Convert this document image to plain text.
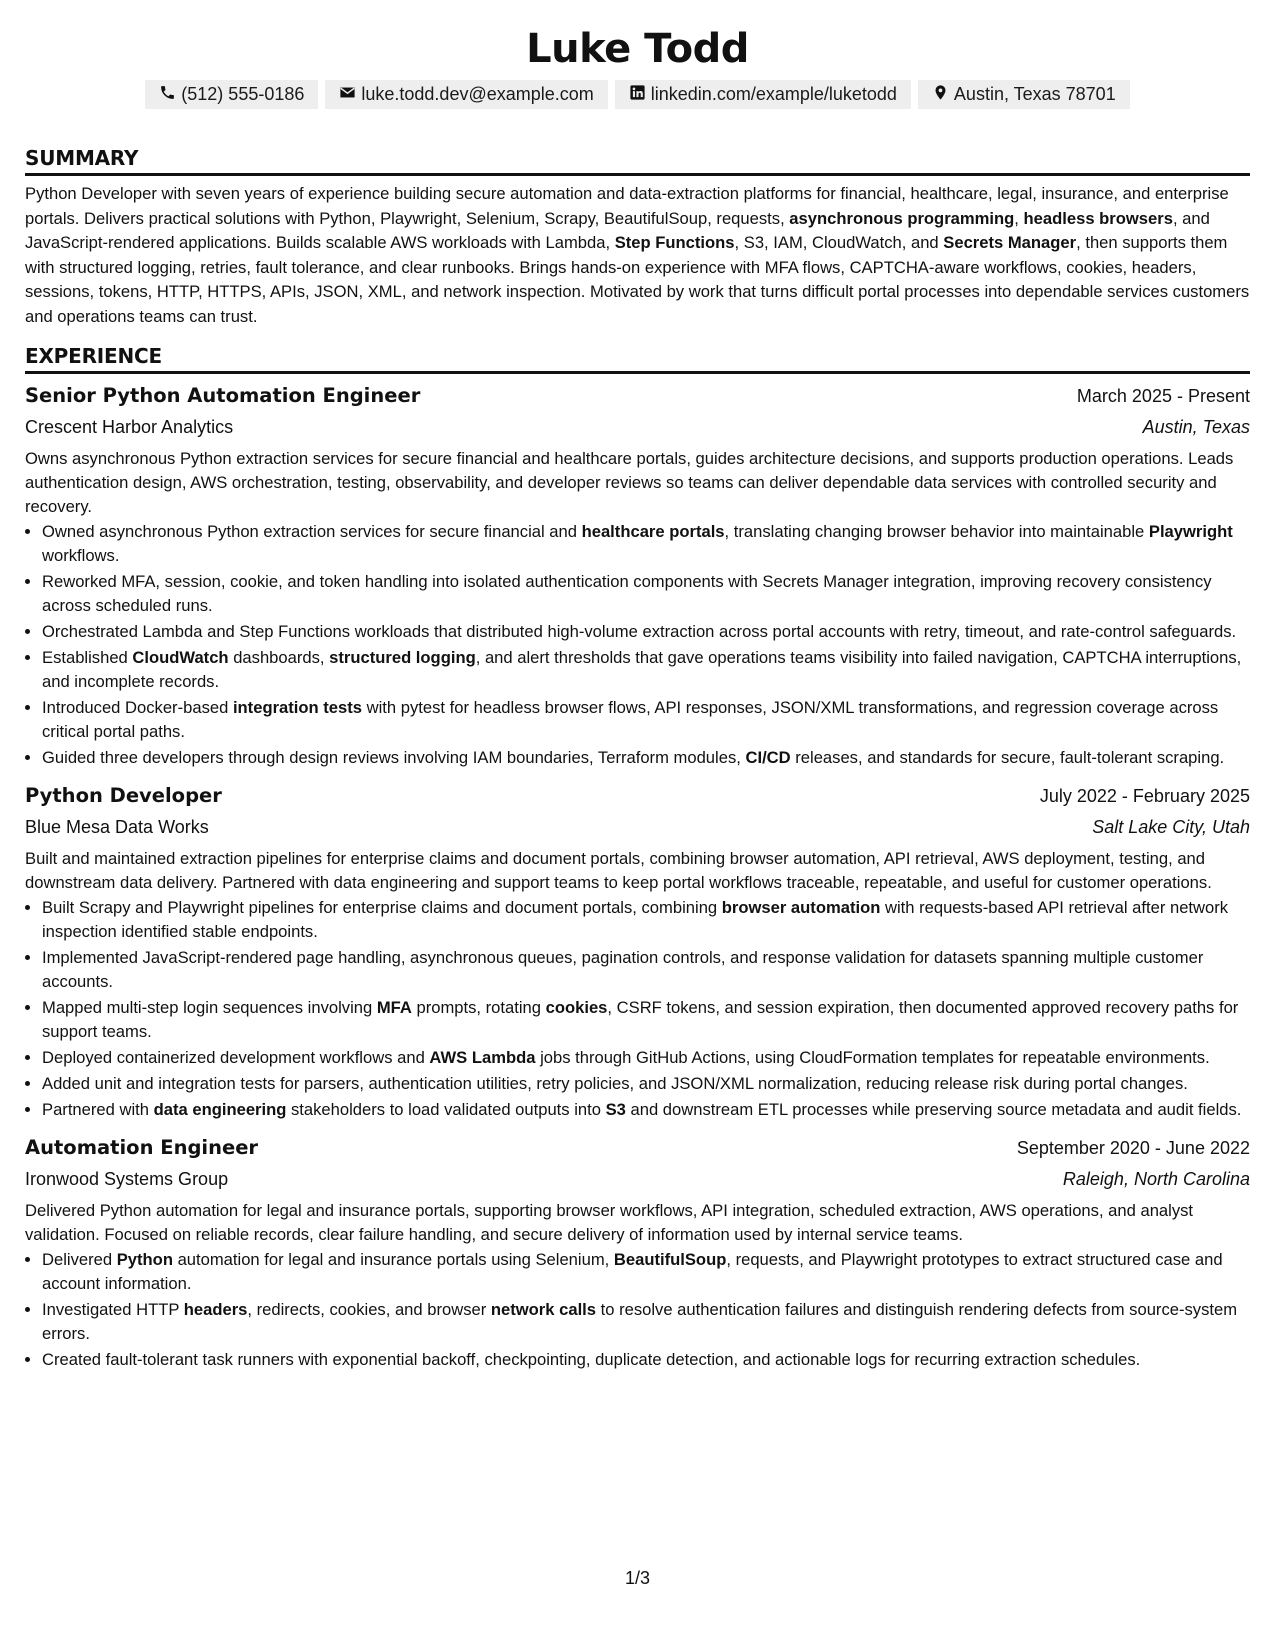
Luke Todd
(512) 555-0186	luke.todd.dev@example.com	linkedin.com/example/luketodd	Austin, Texas 78701
SUMMARY

Python Developer with seven years of experience building secure automation and data-extraction platforms for financial, healthcare, legal, insurance, and enterprise portals. Delivers practical solutions with Python, Playwright, Selenium, Scrapy, BeautifulSoup, requests, asynchronous programming, headless browsers, and JavaScript-rendered applications. Builds scalable AWS workloads with Lambda, Step Functions, S3, IAM, CloudWatch, and Secrets Manager, then supports them with structured logging, retries, fault tolerance, and clear runbooks. Brings hands-on experience with MFA flows, CAPTCHA-aware workflows, cookies, headers, sessions, tokens, HTTP, HTTPS, APIs, JSON, XML, and network inspection. Motivated by work that turns difficult portal processes into dependable services customers and operations teams can trust.

EXPERIENCE
Senior Python Automation Engineer	March 2025 - Present
Crescent Harbor Analytics	Austin, Texas

Owns asynchronous Python extraction services for secure financial and healthcare portals, guides architecture decisions, and supports production operations. Leads authentication design, AWS orchestration, testing, observability, and developer reviews so teams can deliver dependable data services with controlled security and recovery.

• Owned asynchronous Python extraction services for secure financial and healthcare portals, translating changing browser behavior into maintainable Playwright workflows.
• Reworked MFA, session, cookie, and token handling into isolated authentication components with Secrets Manager integration, improving recovery consistency across scheduled runs.
• Orchestrated Lambda and Step Functions workloads that distributed high-volume extraction across portal accounts with retry, timeout, and rate-control safeguards.
• Established CloudWatch dashboards, structured logging, and alert thresholds that gave operations teams visibility into failed navigation, CAPTCHA interruptions, and incomplete records.
• Introduced Docker-based integration tests with pytest for headless browser flows, API responses, JSON/XML transformations, and regression coverage across critical portal paths.
• Guided three developers through design reviews involving IAM boundaries, Terraform modules, CI/CD releases, and standards for secure, fault-tolerant scraping.
Python Developer	July 2022 - February 2025
Blue Mesa Data Works	Salt Lake City, Utah

Built and maintained extraction pipelines for enterprise claims and document portals, combining browser automation, API retrieval, AWS deployment, testing, and downstream data delivery. Partnered with data engineering and support teams to keep portal workflows traceable, repeatable, and useful for customer operations.

• Built Scrapy and Playwright pipelines for enterprise claims and document portals, combining browser automation with requests-based API retrieval after network inspection identified stable endpoints.
• Implemented JavaScript-rendered page handling, asynchronous queues, pagination controls, and response validation for datasets spanning multiple customer accounts.
• Mapped multi-step login sequences involving MFA prompts, rotating cookies, CSRF tokens, and session expiration, then documented approved recovery paths for support teams.
• Deployed containerized development workflows and AWS Lambda jobs through GitHub Actions, using CloudFormation templates for repeatable environments.
• Added unit and integration tests for parsers, authentication utilities, retry policies, and JSON/XML normalization, reducing release risk during portal changes.
• Partnered with data engineering stakeholders to load validated outputs into S3 and downstream ETL processes while preserving source metadata and audit fields.
Automation Engineer	September 2020 - June 2022
Ironwood Systems Group	Raleigh, North Carolina

Delivered Python automation for legal and insurance portals, supporting browser workflows, API integration, scheduled extraction, AWS operations, and analyst validation. Focused on reliable records, clear failure handling, and secure delivery of information used by internal service teams.

• Delivered Python automation for legal and insurance portals using Selenium, BeautifulSoup, requests, and Playwright prototypes to extract structured case and account information.
• Investigated HTTP headers, redirects, cookies, and browser network calls to resolve authentication failures and distinguish rendering defects from source-system errors.
• Created fault-tolerant task runners with exponential backoff, checkpointing, duplicate detection, and actionable logs for recurring extraction schedules.
1/3
